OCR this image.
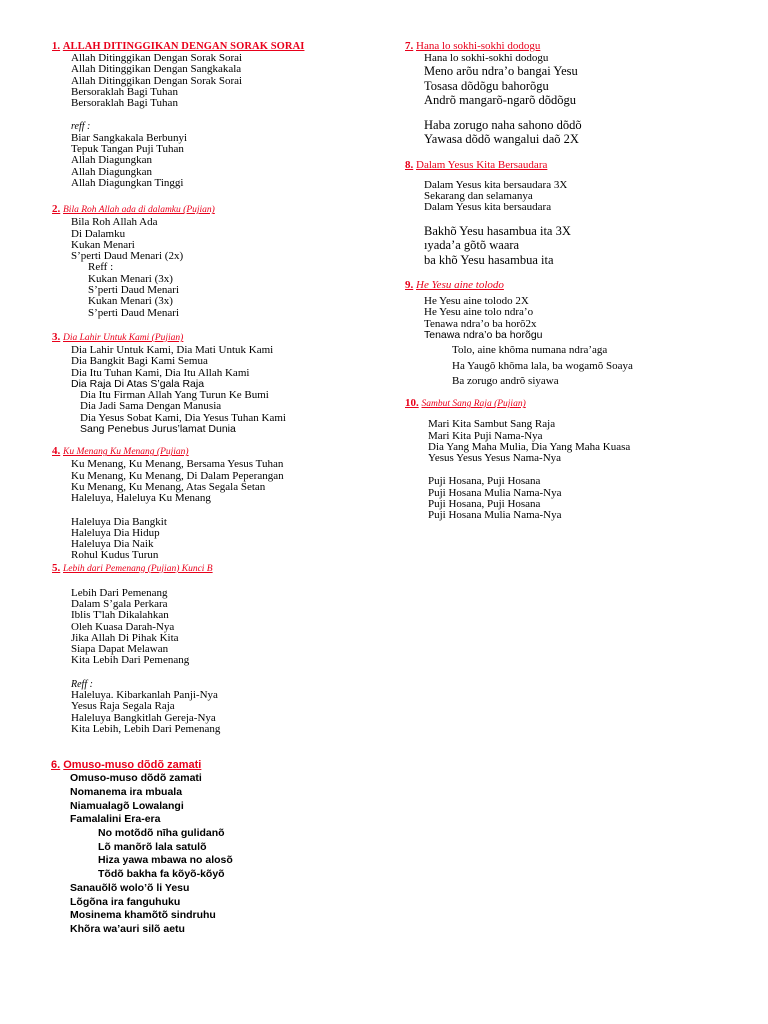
1. ALLAH DITINGGIKAN DENGAN SORAK SORAI
Allah Ditinggikan Dengan Sorak Sorai
Allah Ditinggikan Dengan Sangkakala
Allah Ditinggikan Dengan Sorak Sorai
Bersoraklah Bagi Tuhan
Bersoraklah Bagi Tuhan
reff :
Biar Sangkakala Berbunyi
Tepuk Tangan Puji Tuhan
Allah Diagungkan
Allah Diagungkan
Allah Diagungkan Tinggi
2. Bila Roh Allah ada di dalamku (Pujian)
Bila Roh Allah Ada
Di Dalamku
Kukan Menari
S’perti Daud Menari (2x)
Reff :
Kukan Menari (3x)
S’perti Daud Menari
Kukan Menari (3x)
S’perti Daud Menari
3. Dia Lahir Untuk Kami (Pujian)
Dia Lahir Untuk Kami, Dia Mati Untuk Kami
Dia Bangkit Bagi Kami Semua
Dia Itu Tuhan Kami, Dia Itu Allah Kami
Dia Raja Di Atas S’gala Raja
Dia Itu Firman Allah Yang Turun Ke Bumi
Dia Jadi Sama Dengan Manusia
Dia Yesus Sobat Kami, Dia Yesus Tuhan Kami
Sang Penebus Jurus’lamat Dunia
4. Ku Menang Ku Menang (Pujian)
Ku Menang, Ku Menang, Bersama Yesus Tuhan
Ku Menang, Ku Menang, Di Dalam Peperangan
Ku Menang, Ku Menang, Atas Segala Setan
Haleluya, Haleluya Ku Menang
Haleluya Dia Bangkit
Haleluya Dia Hidup
Haleluya Dia Naik
Rohul Kudus Turun
5. Lebih dari Pemenang (Pujian) Kunci B
Lebih Dari Pemenang
Dalam S’gala Perkara
Iblis T'lah Dikalahkan
Oleh Kuasa Darah-Nya
Jika Allah Di Pihak Kita
Siapa Dapat Melawan
Kita Lebih Dari Pemenang
Reff :
Haleluya. Kibarkanlah Panji-Nya
Yesus Raja Segala Raja
Haleluya Bangkitlah Gereja-Nya
Kita Lebih, Lebih Dari Pemenang
6. Omuso-muso dõdõ zamati
Omuso-muso dõdõ zamati
Nomanema ira mbuala
Niamualagõ Lowalangi
Famalalini Era-era
No motõdõ nīha gulidanõ
Lõ manõrõ lala satulõ
Hiza yawa mbawa no alosõ
Tõdõ bakha fa kõyõ-kõyõ
Sanauõlõ wolo’õ li Yesu
Lõgõna ira fanguhuku
Mosinema khamõtõ sindruhu
Khõra wa’auri silõ aetu
7. Hana lo sokhi-sokhi dodogu
Hana lo sokhi-sokhi dodogu
Meno arõu ndra’o bangai Yesu
Tosasa dõdõgu bahorõgu
Andrõ mangarõ-ngarõ dõdõgu
Haba zorugo naha sahono dõdõ
Yawasa dõdõ wangalui daõ 2X
8. Dalam Yesus Kita Bersaudara
Dalam Yesus kita bersaudara 3X
Sekarang dan selamanya
Dalam Yesus kita bersaudara
Bakhõ Yesu hasambua ita 3X
ıyada’a gõtõ waara
ba khõ Yesu hasambua ita
9. He Yesu aine tolodo
He Yesu aine tolodo 2X
He Yesu aine tolo ndra’o
Tenawa ndra’o ba horõ2x
Tenawa ndra’o ba horõgu
Tolo, aine khõma numana ndra’aga
Ha Yaugõ khõma lala, ba wogamõ Soaya
Ba zorugo andrõ siyawa
10. Sambut Sang Raja (Pujian)
Mari Kita Sambut Sang Raja
Mari Kita Puji Nama-Nya
Dia Yang Maha Mulia, Dia Yang Maha Kuasa
Yesus Yesus Yesus Nama-Nya
Puji Hosana, Puji Hosana
Puji Hosana Mulia Nama-Nya
Puji Hosana, Puji Hosana
Puji Hosana Mulia Nama-Nya
